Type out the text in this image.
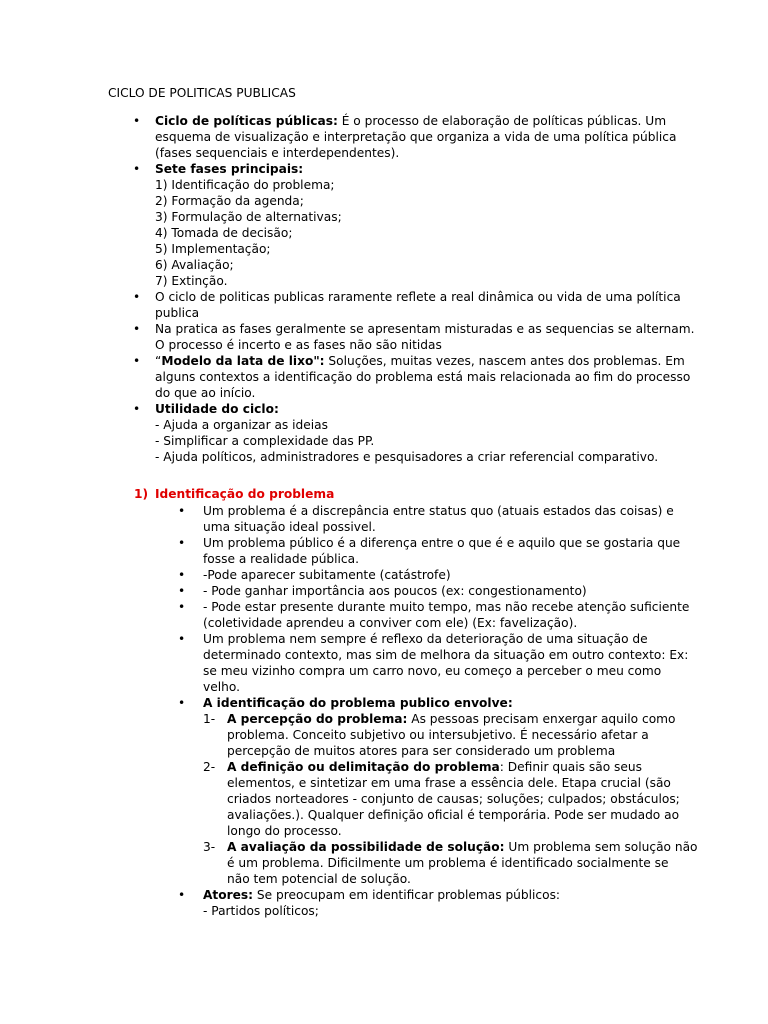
CICLO DE POLITICAS PUBLICAS
• Ciclo de políticas públicas: É o processo de elaboração de políticas públicas. Um
esquema de visualização e interpretação que organiza a vida de uma política pública
(fases sequenciais e interdependentes).
• Sete fases principais:
1) Identificação do problema;
2) Formação da agenda;
3) Formulação de alternativas;
4) Tomada de decisão;
5) Implementação;
6) Avaliação;
7) Extinção.
• O ciclo de politicas publicas raramente reflete a real dinâmica ou vida de uma política
publica
• Na pratica as fases geralmente se apresentam misturadas e as sequencias se alternam.
O processo é incerto e as fases não são nitidas
• “Modelo da lata de lixo": Soluções, muitas vezes, nascem antes dos problemas. Em
alguns contextos a identificação do problema está mais relacionada ao fim do processo
do que ao início.
• Utilidade do ciclo:
- Ajuda a organizar as ideias
- Simplificar a complexidade das PP.
- Ajuda políticos, administradores e pesquisadores a criar referencial comparativo.
1) Identificação do problema
• Um problema é a discrepância entre status quo (atuais estados das coisas) e
uma situação ideal possivel.
• Um problema público é a diferença entre o que é e aquilo que se gostaria que
fosse a realidade pública.
• -Pode aparecer subitamente (catástrofe)
• - Pode ganhar importância aos poucos (ex: congestionamento)
• - Pode estar presente durante muito tempo, mas não recebe atenção suficiente
(coletividade aprendeu a conviver com ele) (Ex: favelização).
• Um problema nem sempre é reflexo da deterioração de uma situação de
determinado contexto, mas sim de melhora da situação em outro contexto: Ex:
se meu vizinho compra um carro novo, eu começo a perceber o meu como
velho.
• A identificação do problema publico envolve:
1- A percepção do problema: As pessoas precisam enxergar aquilo como
problema. Conceito subjetivo ou intersubjetivo. É necessário afetar a
percepção de muitos atores para ser considerado um problema
2- A definição ou delimitação do problema: Definir quais são seus
elementos, e sintetizar em uma frase a essência dele. Etapa crucial (são
criados norteadores - conjunto de causas; soluções; culpados; obstáculos;
avaliações.). Qualquer definição oficial é temporária. Pode ser mudado ao
longo do processo.
3- A avaliação da possibilidade de solução: Um problema sem solução não
é um problema. Dificilmente um problema é identificado socialmente se
não tem potencial de solução.
• Atores: Se preocupam em identificar problemas públicos:
- Partidos políticos;
